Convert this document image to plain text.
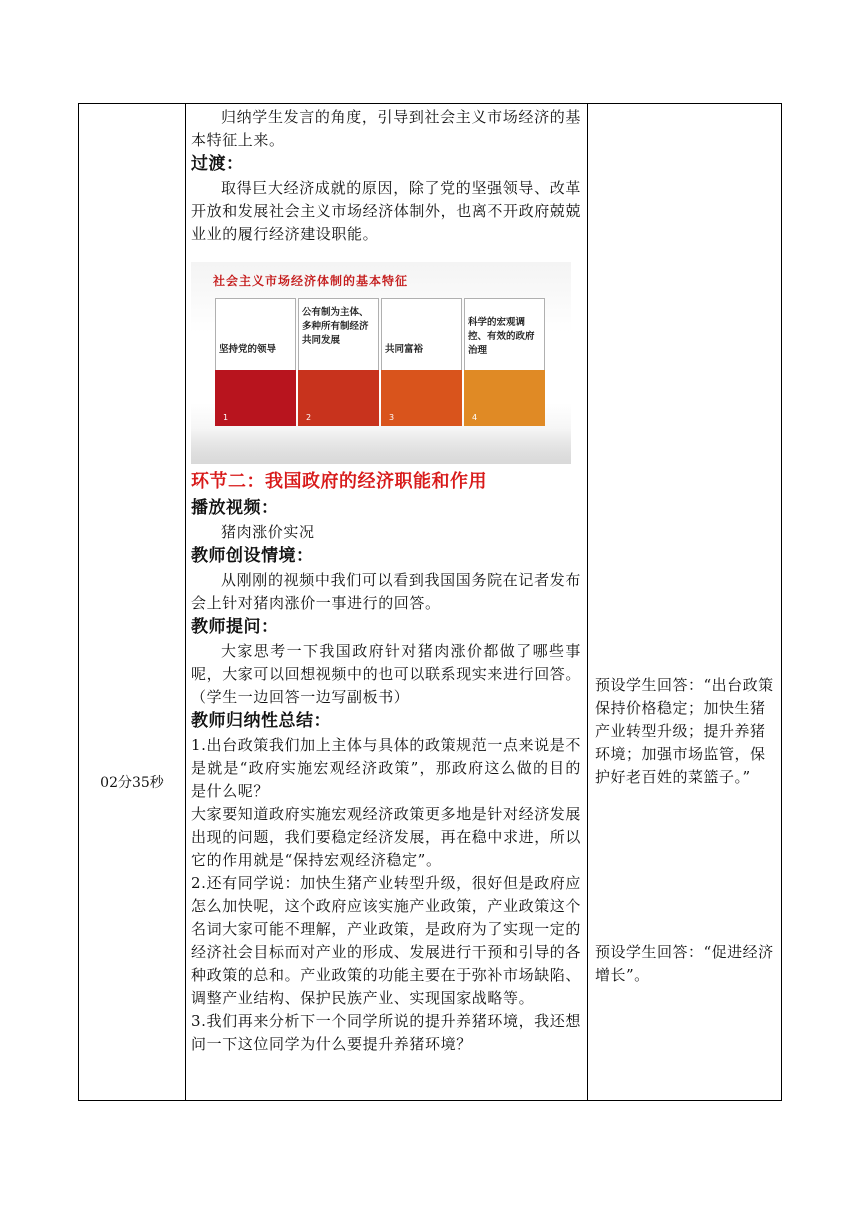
02分35秒

归纳学生发言的角度，引导到社会主义市场经济的基本特征上来。

过渡：

取得巨大经济成就的原因，除了党的坚强领导、改革开放和发展社会主义市场经济体制外，也离不开政府兢兢业业的履行经济建设职能。

社会主义市场经济体制的基本特征
坚持党的领导
1
公有制为主体、多种所有制经济共同发展
2
共同富裕
3
科学的宏观调控、有效的政府治理
4

环节二：我国政府的经济职能和作用

播放视频：

猪肉涨价实况

教师创设情境：

从刚刚的视频中我们可以看到我国国务院在记者发布会上针对猪肉涨价一事进行的回答。

教师提问：

大家思考一下我国政府针对猪肉涨价都做了哪些事呢，大家可以回想视频中的也可以联系现实来进行回答。（学生一边回答一边写副板书）

教师归纳性总结：

1.出台政策我们加上主体与具体的政策规范一点来说是不是就是“政府实施宏观经济政策”，那政府这么做的目的是什么呢？

大家要知道政府实施宏观经济政策更多地是针对经济发展出现的问题，我们要稳定经济发展，再在稳中求进，所以它的作用就是“保持宏观经济稳定”。

2.还有同学说：加快生猪产业转型升级，很好但是政府应怎么加快呢，这个政府应该实施产业政策，产业政策这个名词大家可能不理解，产业政策，是政府为了实现一定的经济社会目标而对产业的形成、发展进行干预和引导的各种政策的总和。产业政策的功能主要在于弥补市场缺陷、调整产业结构、保护民族产业、实现国家战略等。

3.我们再来分析下一个同学所说的提升养猪环境，我还想问一下这位同学为什么要提升养猪环境？

预设学生回答：“出台政策保持价格稳定；加快生猪产业转型升级；提升养猪环境；加强市场监管，保护好老百姓的菜篮子。”

预设学生回答：“促进经济增长”。
